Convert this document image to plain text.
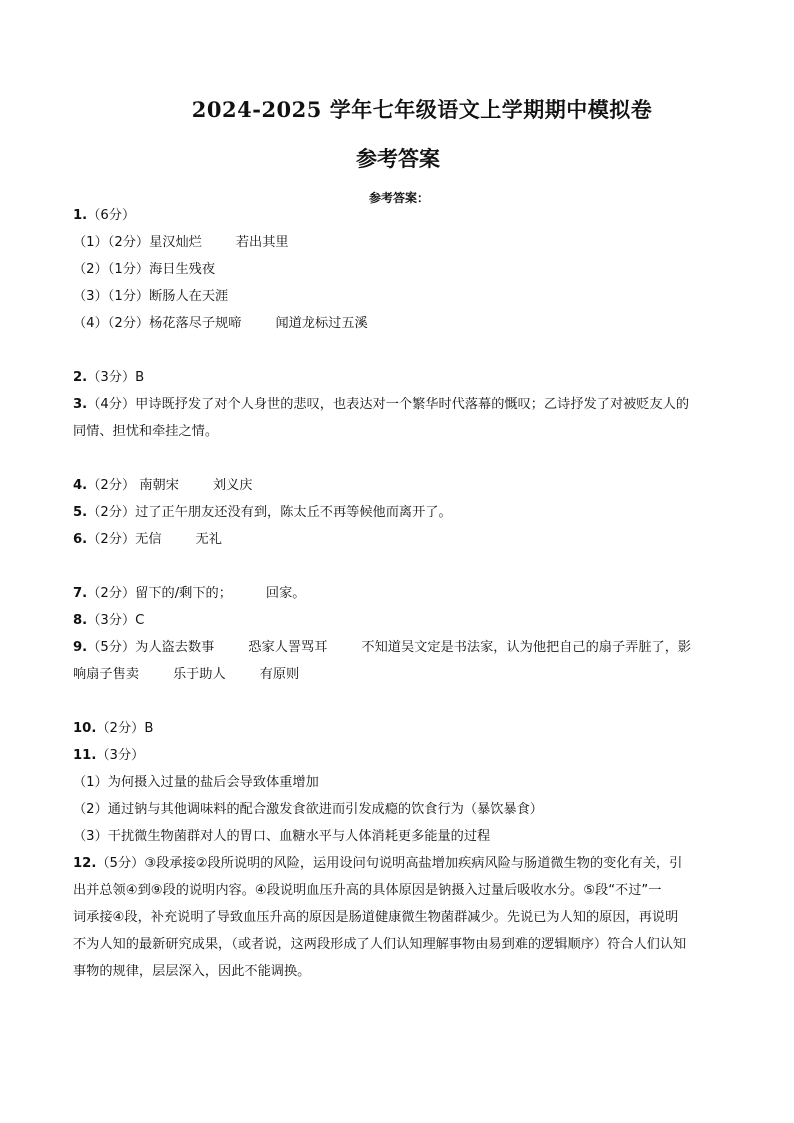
2024-2025 学年七年级语文上学期期中模拟卷
参考答案
参考答案：
1.（6分）
（1）（2分）星汉灿烂	若出其里
（2）（1分）海日生残夜
（3）（1分）断肠人在天涯
（4）（2分）杨花落尽子规啼	闻道龙标过五溪
2.（3分）B
3.（4分）甲诗既抒发了对个人身世的悲叹，也表达对一个繁华时代落幕的慨叹；乙诗抒发了对被贬友人的
同情、担忧和牵挂之情。
4.（2分） 南朝宋	刘义庆
5.（2分）过了正午朋友还没有到，陈太丘不再等候他而离开了。
6.（2分）无信	无礼
7.（2分）留下的/剩下的；	回家。
8.（3分）C
9.（5分）为人盗去数事	恐家人詈骂耳	不知道吴文定是书法家，认为他把自己的扇子弄脏了，影
响扇子售卖	乐于助人	有原则
10.（2分）B
11.（3分）
（1）为何摄入过量的盐后会导致体重增加
（2）通过钠与其他调味料的配合激发食欲进而引发成瘾的饮食行为（暴饮暴食）
（3）干扰微生物菌群对人的胃口、血糖水平与人体消耗更多能量的过程
12.（5分）③段承接②段所说明的风险，运用设问句说明高盐增加疾病风险与肠道微生物的变化有关，引
出并总领④到⑨段的说明内容。④段说明血压升高的具体原因是钠摄入过量后吸收水分。⑤段“不过”一
词承接④段，补充说明了导致血压升高的原因是肠道健康微生物菌群减少。先说已为人知的原因，再说明
不为人知的最新研究成果，（或者说，这两段形成了人们认知理解事物由易到难的逻辑顺序）符合人们认知
事物的规律，层层深入，因此不能调换。
